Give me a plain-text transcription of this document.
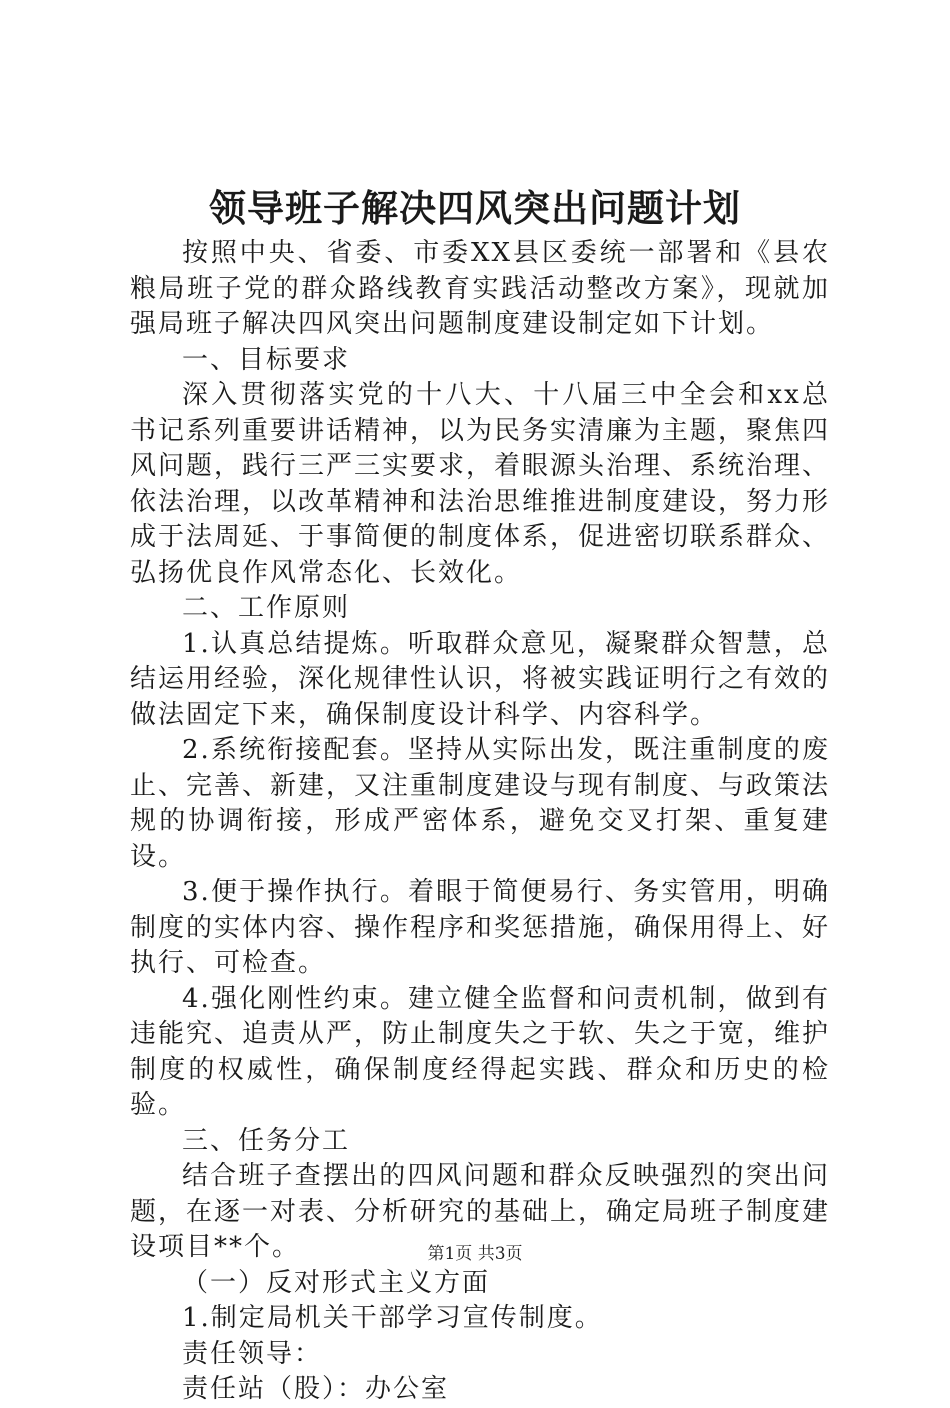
领导班子解决四风突出问题计划

按照中央、省委、市委XX县区委统一部署和《县农粮局班子党的群众路线教育实践活动整改方案》，现就加强局班子解决四风突出问题制度建设制定如下计划。

一、目标要求

深入贯彻落实党的十八大、十八届三中全会和xx总书记系列重要讲话精神，以为民务实清廉为主题，聚焦四风问题，践行三严三实要求，着眼源头治理、系统治理、依法治理，以改革精神和法治思维推进制度建设，努力形成于法周延、于事简便的制度体系，促进密切联系群众、弘扬优良作风常态化、长效化。

二、工作原则

1.认真总结提炼。听取群众意见，凝聚群众智慧，总结运用经验，深化规律性认识，将被实践证明行之有效的做法固定下来，确保制度设计科学、内容科学。

2.系统衔接配套。坚持从实际出发，既注重制度的废止、完善、新建，又注重制度建设与现有制度、与政策法规的协调衔接，形成严密体系，避免交叉打架、重复建设。

3.便于操作执行。着眼于简便易行、务实管用，明确制度的实体内容、操作程序和奖惩措施，确保用得上、好执行、可检查。

4.强化刚性约束。建立健全监督和问责机制，做到有违能究、追责从严，防止制度失之于软、失之于宽，维护制度的权威性，确保制度经得起实践、群众和历史的检验。

三、任务分工

结合班子查摆出的四风问题和群众反映强烈的突出问题，在逐一对表、分析研究的基础上，确定局班子制度建设项目**个。

（一）反对形式主义方面

1.制定局机关干部学习宣传制度。

责任领导：

责任站（股）：办公室

第1页 共3页
